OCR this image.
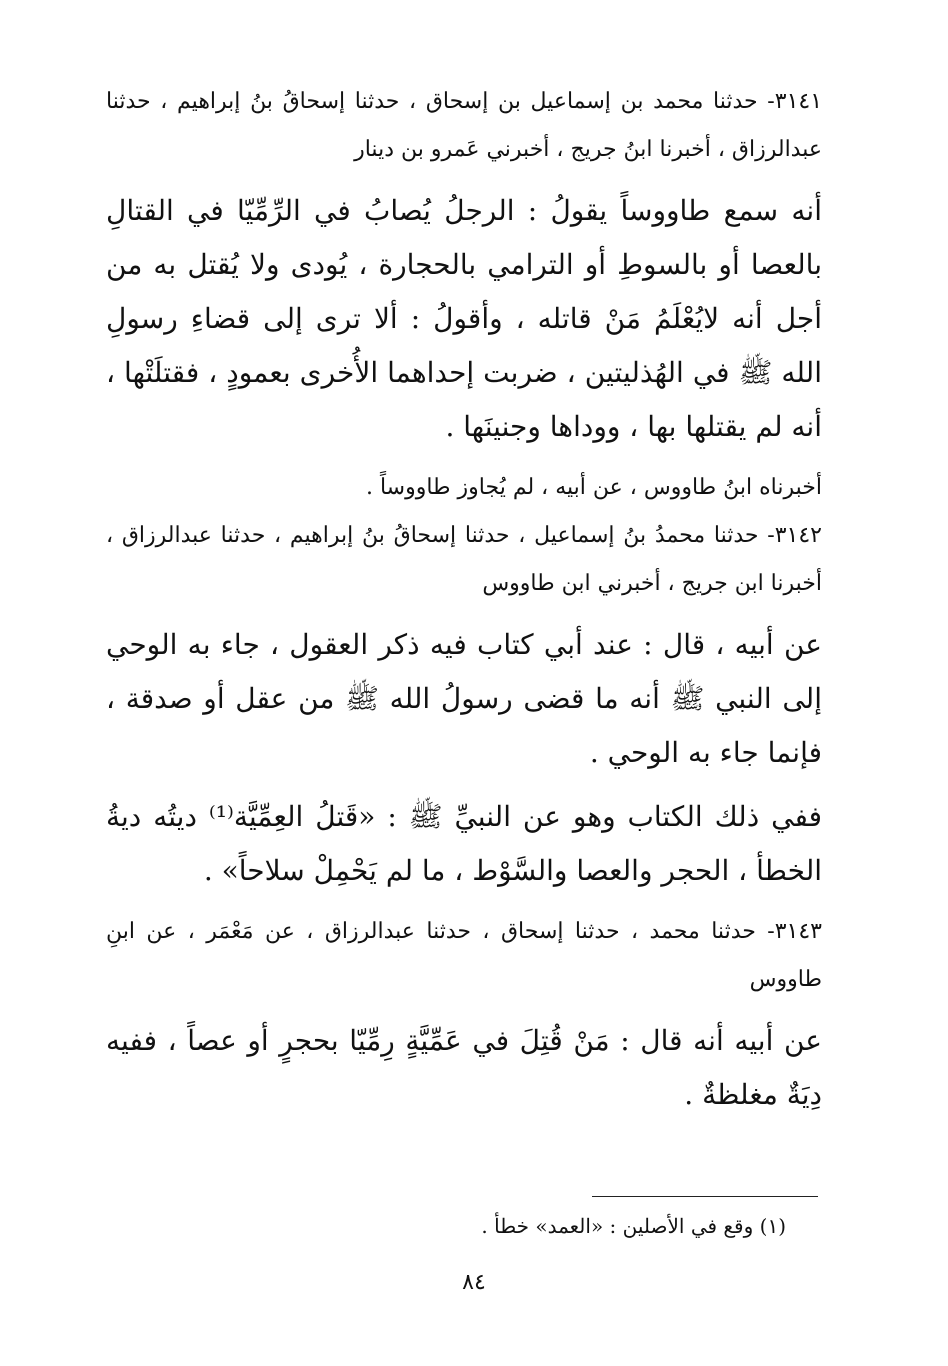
٣١٤١- حدثنا محمد بن إسماعيل بن إسحاق ، حدثنا إسحاقُ بنُ إبراهيم ، حدثنا عبدالرزاق ، أخبرنا ابنُ جريج ، أخبرني عَمرو بن دينار

أنه سمع طاووساً يقولُ : الرجلُ يُصابُ في الرِّمِّيّا في القتالِ بالعصا أو بالسوطِ أو الترامي بالحجارة ، يُودى ولا يُقتل به من أجل أنه لايُعْلَمُ مَنْ قاتله ، وأقولُ : ألا ترى إلى قضاءِ رسولِ الله ﷺ في الهُذليتين ، ضربت إحداهما الأُخرى بعمودٍ ، فقتلَتْها ، أنه لم يقتلها بها ، ووداها وجنينَها .

أخبرناه ابنُ طاووس ، عن أبيه ، لم يُجاوز طاووساً .

٣١٤٢- حدثنا محمدُ بنُ إسماعيل ، حدثنا إسحاقُ بنُ إبراهيم ، حدثنا عبدالرزاق ، أخبرنا ابن جريج ، أخبرني ابن طاووس

عن أبيه ، قال : عند أبي كتاب فيه ذكر العقول ، جاء به الوحي إلى النبي ﷺ أنه ما قضى رسولُ الله ﷺ من عقل أو صدقة ، فإنما جاء به الوحي .

ففي ذلك الكتاب وهو عن النبيِّ ﷺ : «قَتلُ العِمِّيَّة⁽¹⁾ ديتُه ديةُ الخطأ ، الحجر والعصا والسَّوْط ، ما لم يَحْمِلْ سلاحاً» .

٣١٤٣- حدثنا محمد ، حدثنا إسحاق ، حدثنا عبدالرزاق ، عن مَعْمَر ، عن ابنِ طاووس

عن أبيه أنه قال : مَنْ قُتِلَ في عَمِّيَّةٍ رِمِّيّا بحجرٍ أو عصاً ، ففيه دِيَةٌ مغلظةٌ .

(١) وقع في الأصلين : «العمد» خطأ .
٨٤
